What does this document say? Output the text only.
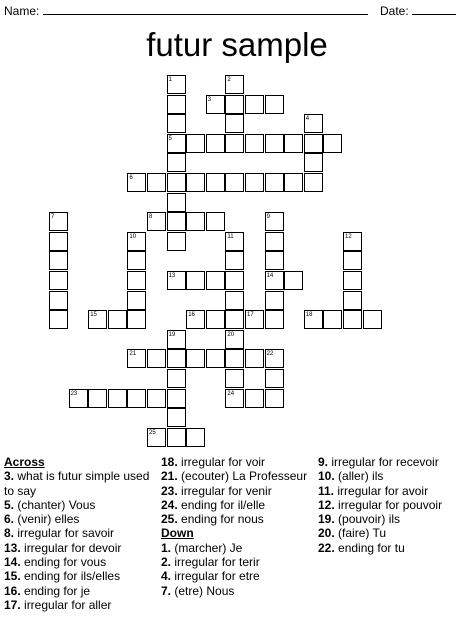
Name:	Date:
futur sample
1	2
3
4
5
6
7	8	9
10	11	12
13	14
15	16	17	18
19	20
21	22
23	24
25
Across
3. what is futur simple used to say
5. (chanter) Vous
6. (venir) elles
8. irregular for savoir
13. irregular for devoir
14. ending for vous
15. ending for ils/elles
16. ending for je
17. irregular for aller
18. irregular for voir
21. (ecouter) La Professeur
23. irregular for venir
24. ending for il/elle
25. ending for nous
Down
1. (marcher) Je
2. irregular for terir
4. irregular for etre
7. (etre) Nous
9. irregular for recevoir
10. (aller) ils
11. irregular for avoir
12. irregular for pouvoir
19. (pouvoir) ils
20. (faire) Tu
22. ending for tu
